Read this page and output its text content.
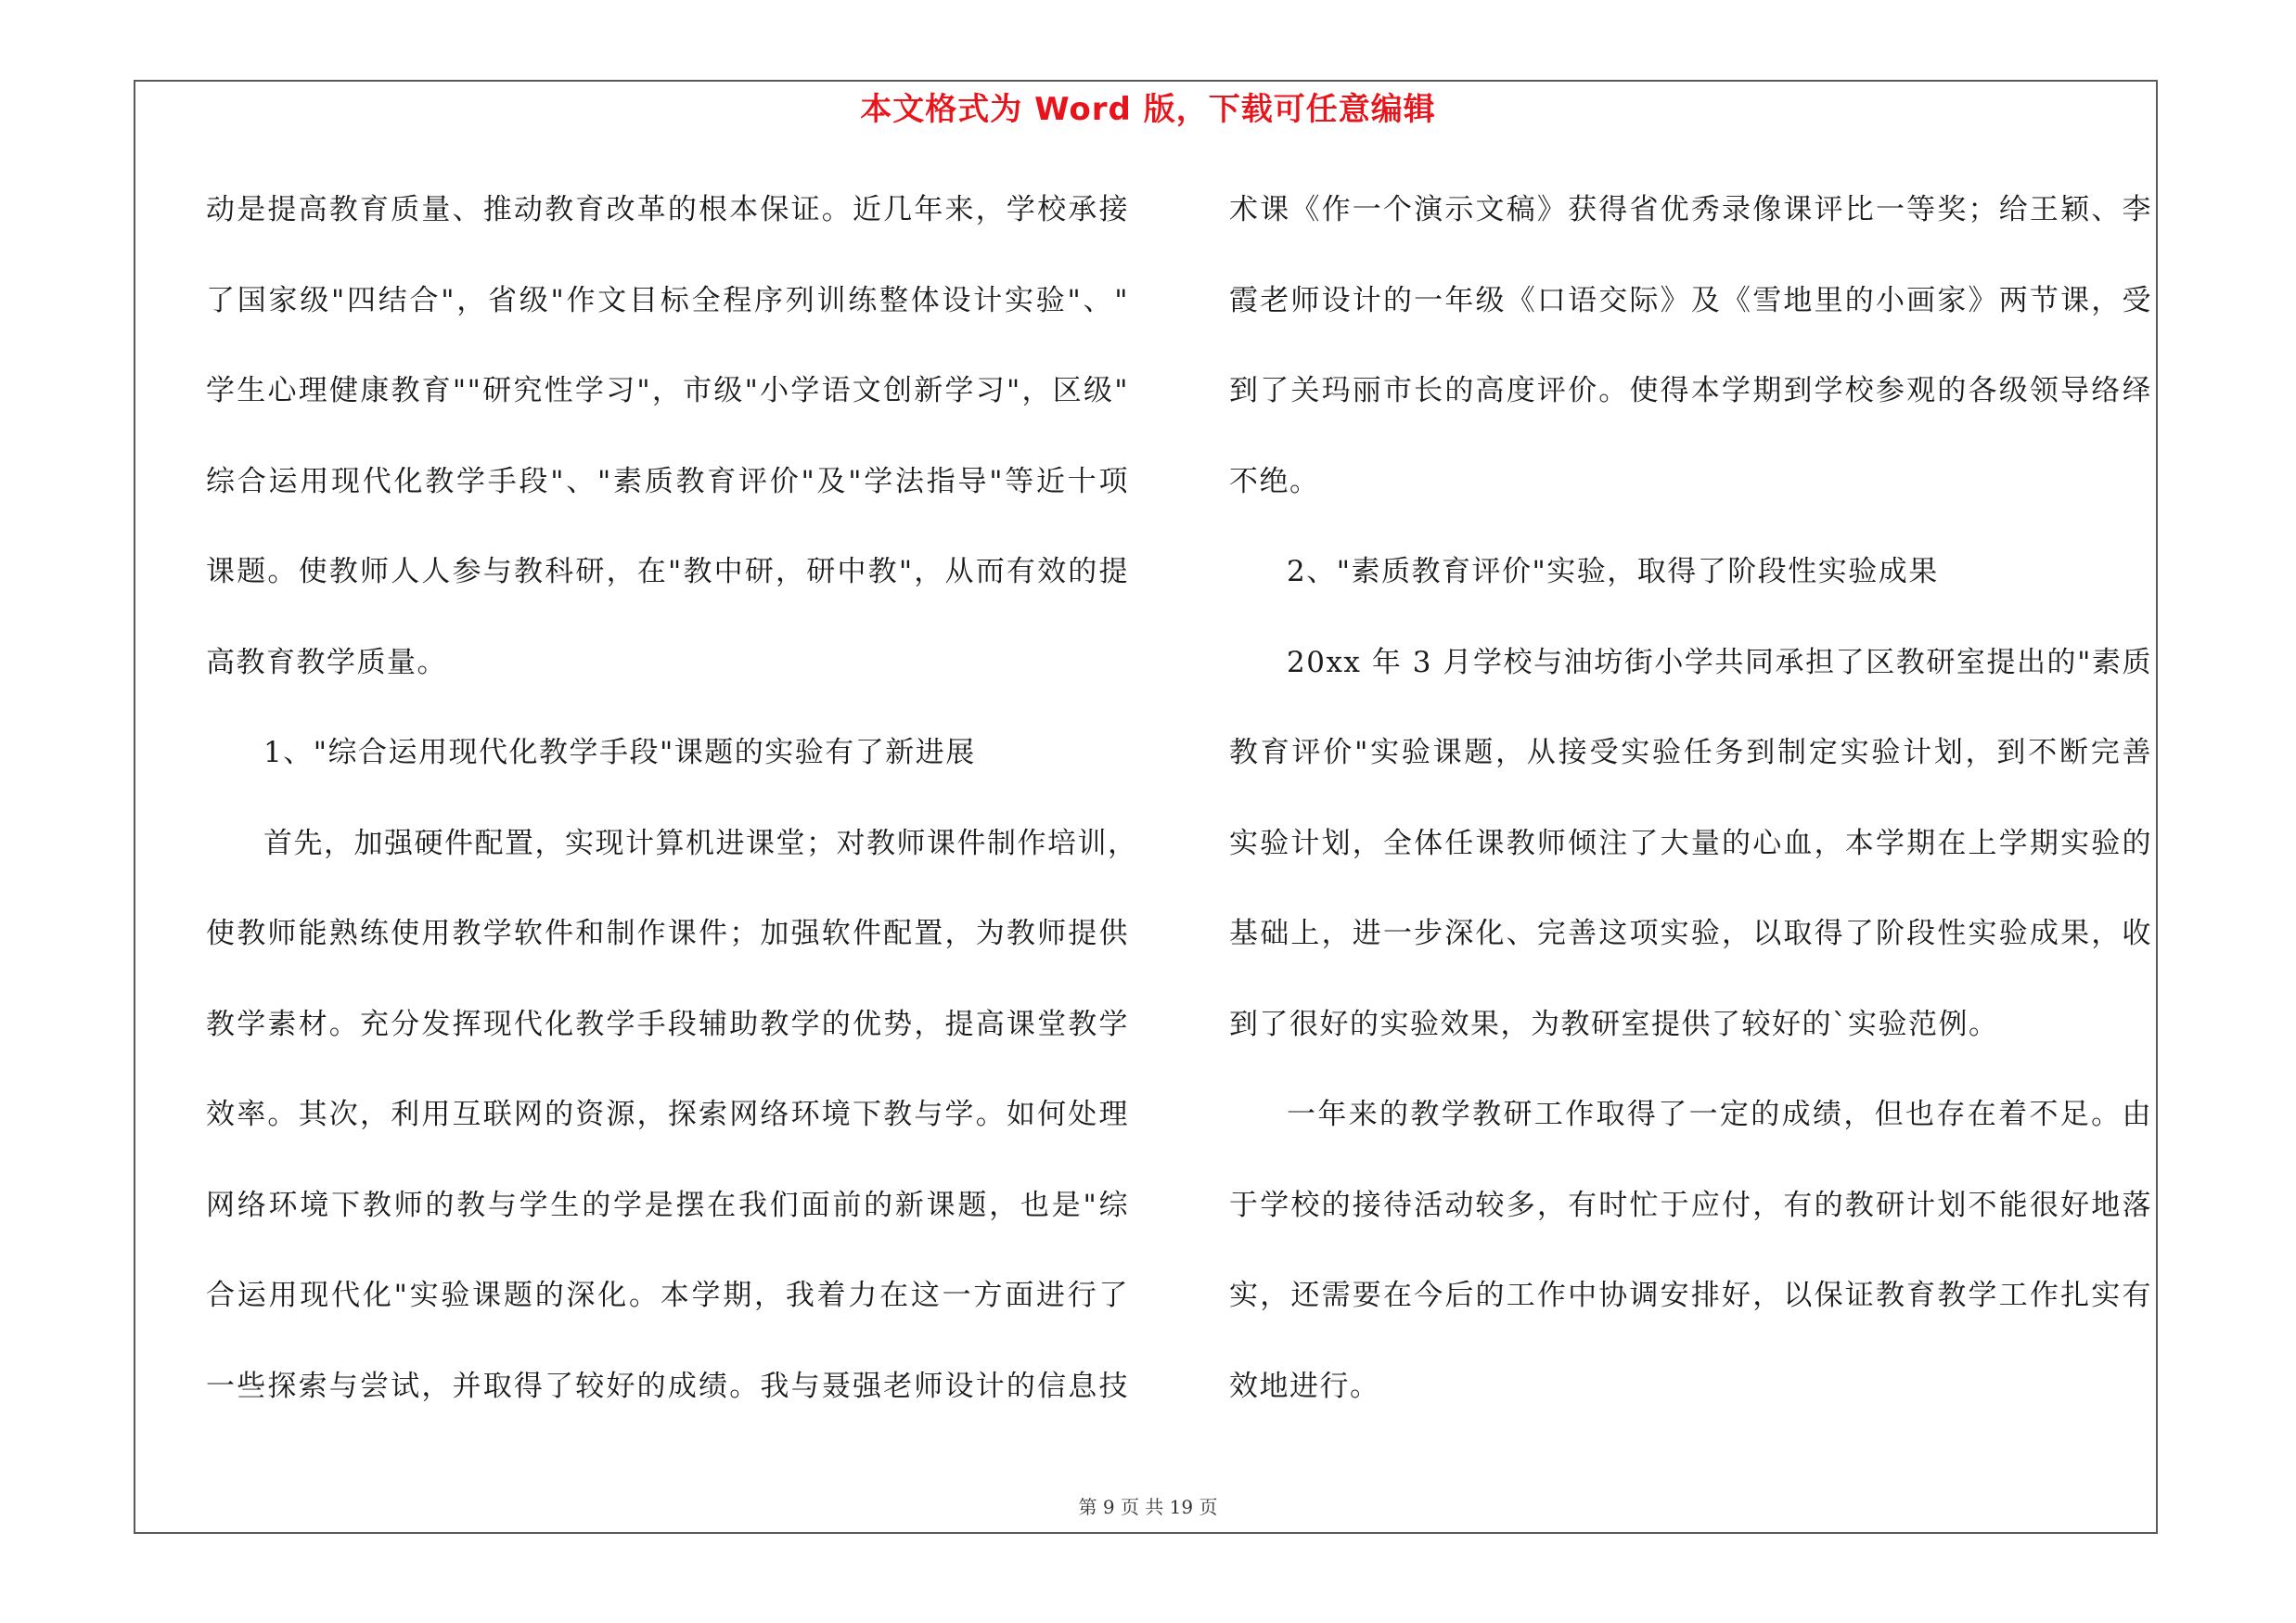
本文格式为 Word 版，下载可任意编辑
动是提高教育质量、推动教育改革的根本保证。近几年来，学校承接
了国家级"四结合"，省级"作文目标全程序列训练整体设计实验"、"
学生心理健康教育""研究性学习"，市级"小学语文创新学习"，区级"
综合运用现代化教学手段"、"素质教育评价"及"学法指导"等近十项
课题。使教师人人参与教科研，在"教中研，研中教"，从而有效的提
高教育教学质量。
1、"综合运用现代化教学手段"课题的实验有了新进展
首先，加强硬件配置，实现计算机进课堂；对教师课件制作培训，
使教师能熟练使用教学软件和制作课件；加强软件配置，为教师提供
教学素材。充分发挥现代化教学手段辅助教学的优势，提高课堂教学
效率。其次，利用互联网的资源，探索网络环境下教与学。如何处理
网络环境下教师的教与学生的学是摆在我们面前的新课题，也是"综
合运用现代化"实验课题的深化。本学期，我着力在这一方面进行了
一些探索与尝试，并取得了较好的成绩。我与聂强老师设计的信息技
术课《作一个演示文稿》获得省优秀录像课评比一等奖；给王颖、李
霞老师设计的一年级《口语交际》及《雪地里的小画家》两节课，受
到了关玛丽市长的高度评价。使得本学期到学校参观的各级领导络绎
不绝。
2、"素质教育评价"实验，取得了阶段性实验成果
20xx 年 3 月学校与油坊街小学共同承担了区教研室提出的"素质
教育评价"实验课题，从接受实验任务到制定实验计划，到不断完善
实验计划，全体任课教师倾注了大量的心血，本学期在上学期实验的
基础上，进一步深化、完善这项实验，以取得了阶段性实验成果，收
到了很好的实验效果，为教研室提供了较好的`实验范例。
一年来的教学教研工作取得了一定的成绩，但也存在着不足。由
于学校的接待活动较多，有时忙于应付，有的教研计划不能很好地落
实，还需要在今后的工作中协调安排好，以保证教育教学工作扎实有
效地进行。
第 9 页 共 19 页
